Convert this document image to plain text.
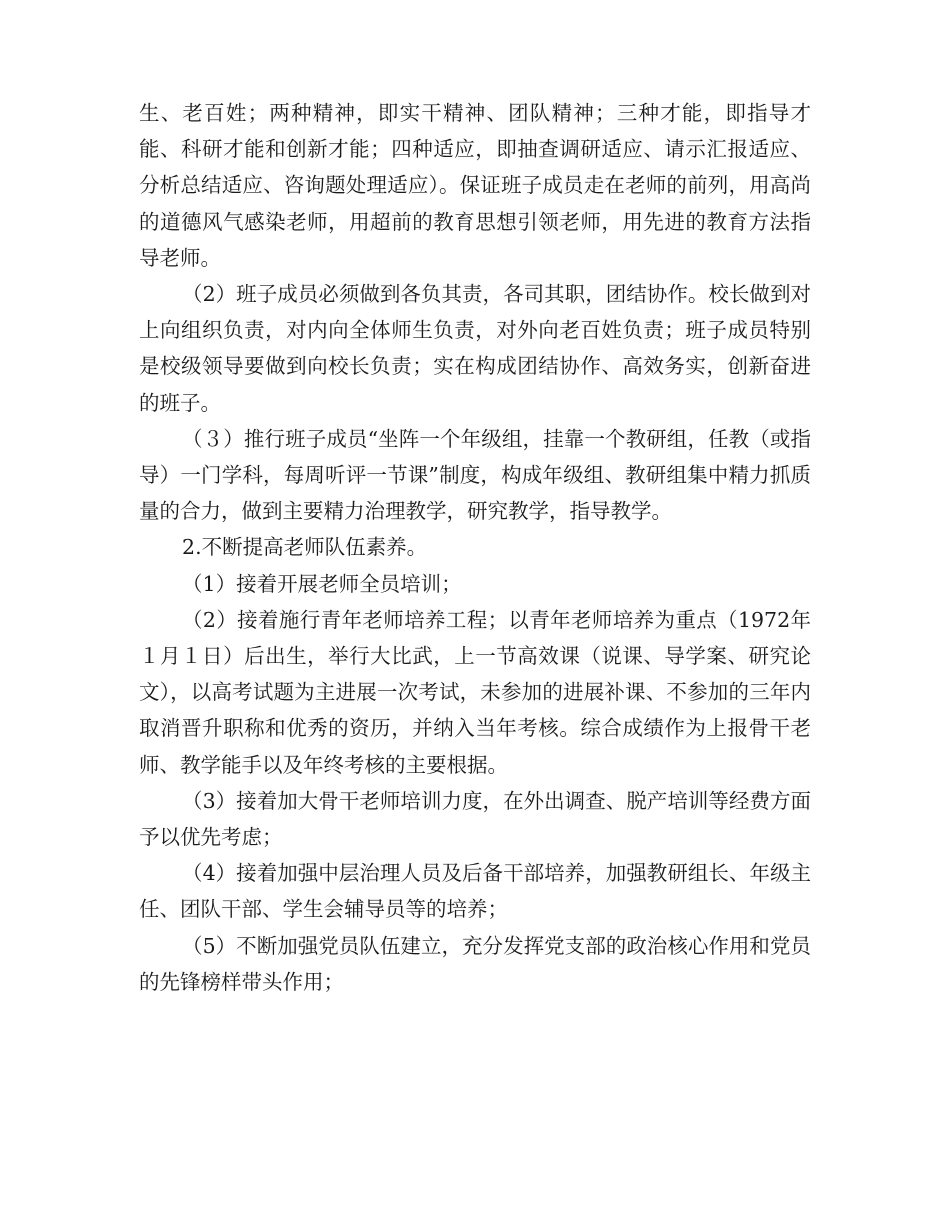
生、老百姓；两种精神，即实干精神、团队精神；三种才能，即指导才能、科研才能和创新才能；四种适应，即抽查调研适应、请示汇报适应、分析总结适应、咨询题处理适应）。保证班子成员走在老师的前列，用高尚的道德风气感染老师，用超前的教育思想引领老师，用先进的教育方法指导老师。

（2）班子成员必须做到各负其责，各司其职，团结协作。校长做到对上向组织负责，对内向全体师生负责，对外向老百姓负责；班子成员特别是校级领导要做到向校长负责；实在构成团结协作、高效务实，创新奋进的班子。

（３）推行班子成员“坐阵一个年级组，挂靠一个教研组，任教（或指导）一门学科，每周听评一节课”制度，构成年级组、教研组集中精力抓质量的合力，做到主要精力治理教学，研究教学，指导教学。

2.不断提高老师队伍素养。

（1）接着开展老师全员培训；

（2）接着施行青年老师培养工程；以青年老师培养为重点（1972年１月１日）后出生，举行大比武，上一节高效课（说课、导学案、研究论文），以高考试题为主进展一次考试，未参加的进展补课、不参加的三年内取消晋升职称和优秀的资历，并纳入当年考核。综合成绩作为上报骨干老师、教学能手以及年终考核的主要根据。

（3）接着加大骨干老师培训力度，在外出调查、脱产培训等经费方面予以优先考虑；

（4）接着加强中层治理人员及后备干部培养，加强教研组长、年级主任、团队干部、学生会辅导员等的培养；

（5）不断加强党员队伍建立，充分发挥党支部的政治核心作用和党员的先锋榜样带头作用；
